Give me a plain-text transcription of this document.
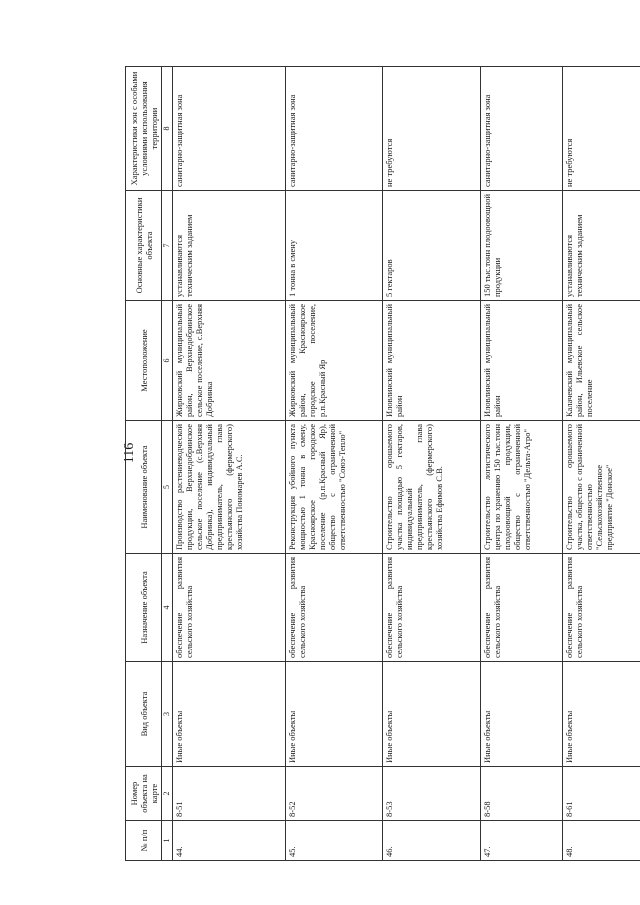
116
№ п/п	Номер объекта на карте	Вид объекта	Назначение объекта	Наименование объекта	Местоположение	Основные характеристики объекта	Характеристики зон с особыми условиями использования территории
1	2	3	4	5	6	7	8
44.	8-51	Иные объекты	обеспечение развития сельского хозяйства	Производство растениеводческой продукции, Верхнедобринское сельское поселение (с.Верхняя Добринка), индивидуальный предприниматель, глава крестьянского (фермерского) хозяйства Пономарев А.С.	Жирновский муниципальный район, Верхнедобринское сельское поселение, с.Верхняя Добринка	устанавливаются техническим заданием	санитарно-защитная зона
45.	8-52	Иные объекты	обеспечение развития сельского хозяйства	Реконструкция убойного пункта мощностью 1 тонна в смену, Красноярское городское поселение (р.п.Красный Яр), общество с ограниченной ответственностью "Союз-Тепло"	Жирновский муниципальный район, Красноярское городское поселение, р.п.Красный Яр	1 тонна в смену	санитарно-защитная зона
46.	8-53	Иные объекты	обеспечение развития сельского хозяйства	Строительство орошаемого участка площадью 5 гектаров, индивидуальный предприниматель, глава крестьянского (фермерского) хозяйства Ефимов С.В.	Иловлинский муниципальный район	5 гектаров	не требуются
47.	8-58	Иные объекты	обеспечение развития сельского хозяйства	Строительство логистического центра по хранению 150 тыс.тонн плодоовощной продукции, общество с ограниченной ответственностью "Дельта-Агро"	Иловлинский муниципальный район	150 тыс.тонн плодоовощной продукции	санитарно-защитная зона
48.	8-61	Иные объекты	обеспечение развития сельского хозяйства	Строительство орошаемого участка, общество с ограниченной ответственностью "Сельскохозяйственное предприятие "Донское"	Калачевский муниципальный район, Ильевское сельское поселение	устанавливаются техническим заданием	не требуются
